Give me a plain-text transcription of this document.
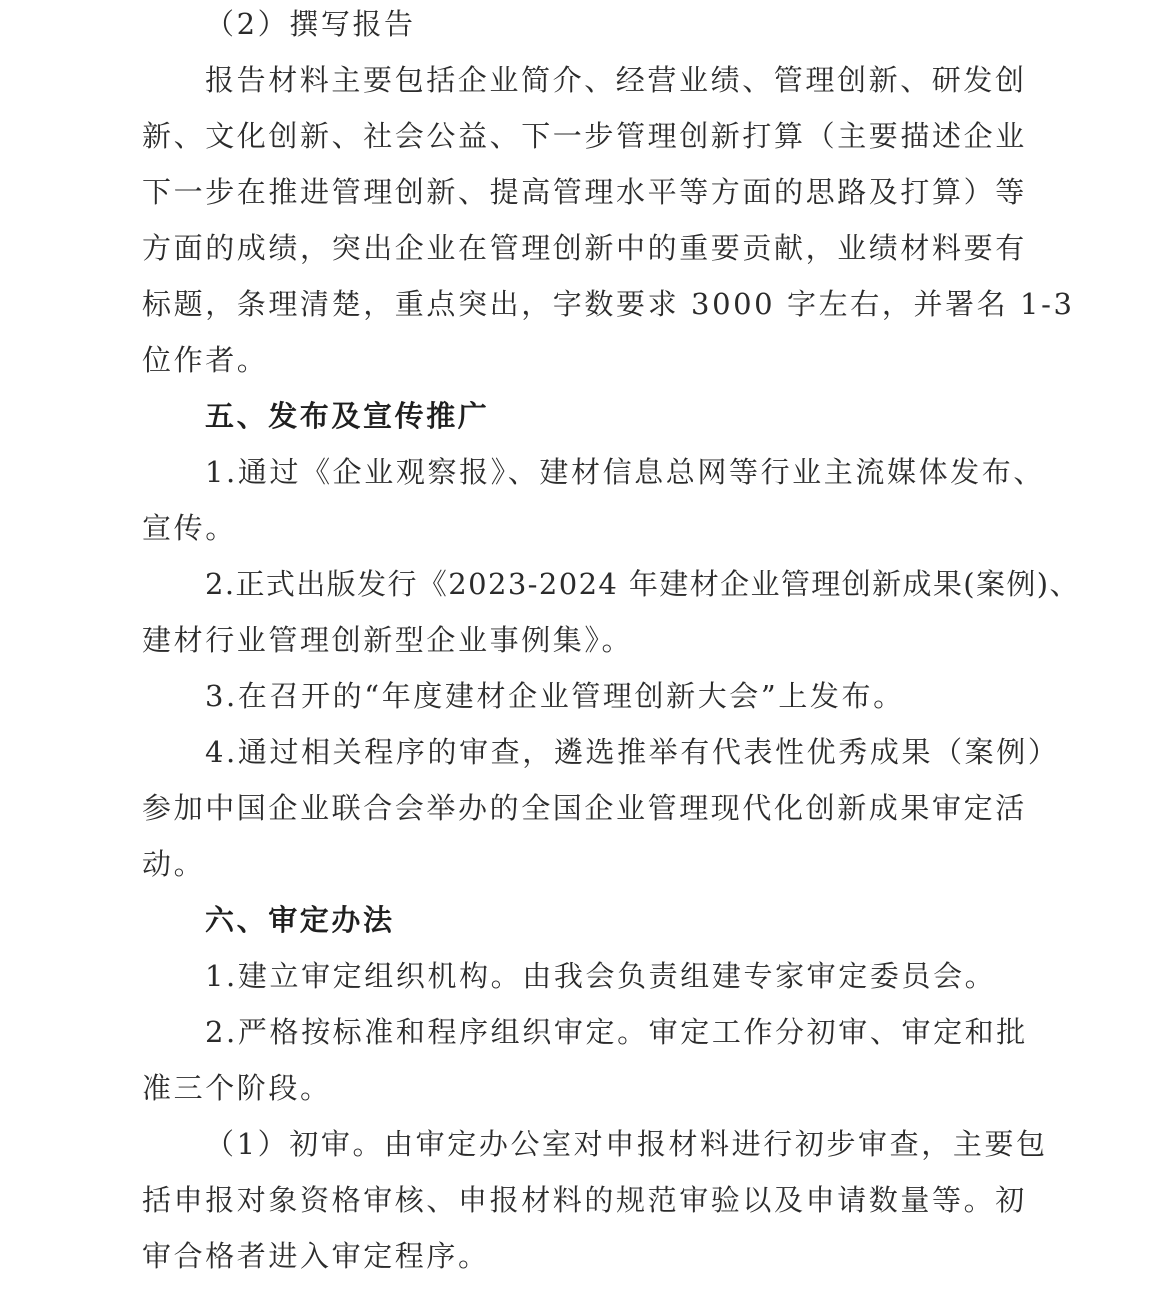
（2）撰写报告

报告材料主要包括企业简介、经营业绩、管理创新、研发创

新、文化创新、社会公益、下一步管理创新打算（主要描述企业

下一步在推进管理创新、提高管理水平等方面的思路及打算）等

方面的成绩，突出企业在管理创新中的重要贡献，业绩材料要有

标题，条理清楚，重点突出，字数要求 3000 字左右，并署名 1-3

位作者。

五、发布及宣传推广

1.通过《企业观察报》、建材信息总网等行业主流媒体发布、

宣传。

2.正式出版发行《2023-2024 年建材企业管理创新成果(案例)、

建材行业管理创新型企业事例集》。

3.在召开的“年度建材企业管理创新大会”上发布。

4.通过相关程序的审查，遴选推举有代表性优秀成果（案例）

参加中国企业联合会举办的全国企业管理现代化创新成果审定活

动。

六、审定办法

1.建立审定组织机构。由我会负责组建专家审定委员会。

2.严格按标准和程序组织审定。审定工作分初审、审定和批

准三个阶段。

（1）初审。由审定办公室对申报材料进行初步审查，主要包

括申报对象资格审核、申报材料的规范审验以及申请数量等。初

审合格者进入审定程序。
